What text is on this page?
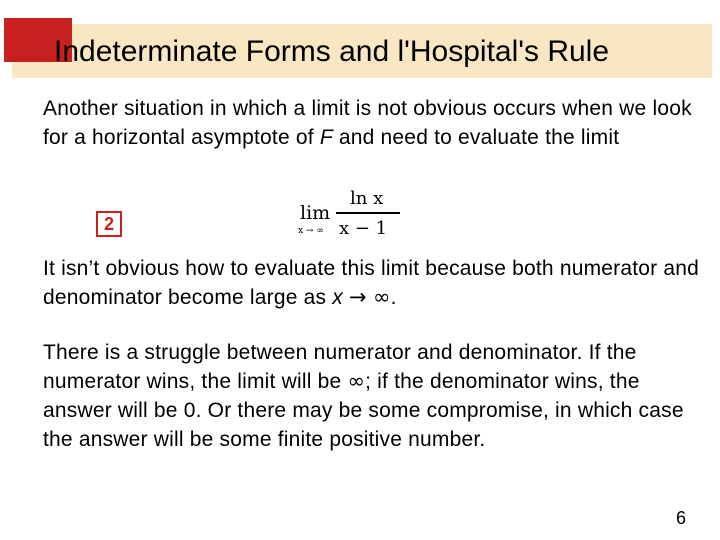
Indeterminate Forms and l'Hospital's Rule
Another situation in which a limit is not obvious occurs when we look for a horizontal asymptote of F and need to evaluate the limit
2	lim
x → ∞
ln x
x − 1
It isn’t obvious how to evaluate this limit because both numerator and denominator become large as x → ∞.
There is a struggle between numerator and denominator. If the numerator wins, the limit will be ∞; if the denominator wins, the answer will be 0. Or there may be some compromise, in which case the answer will be some finite positive number.
6
